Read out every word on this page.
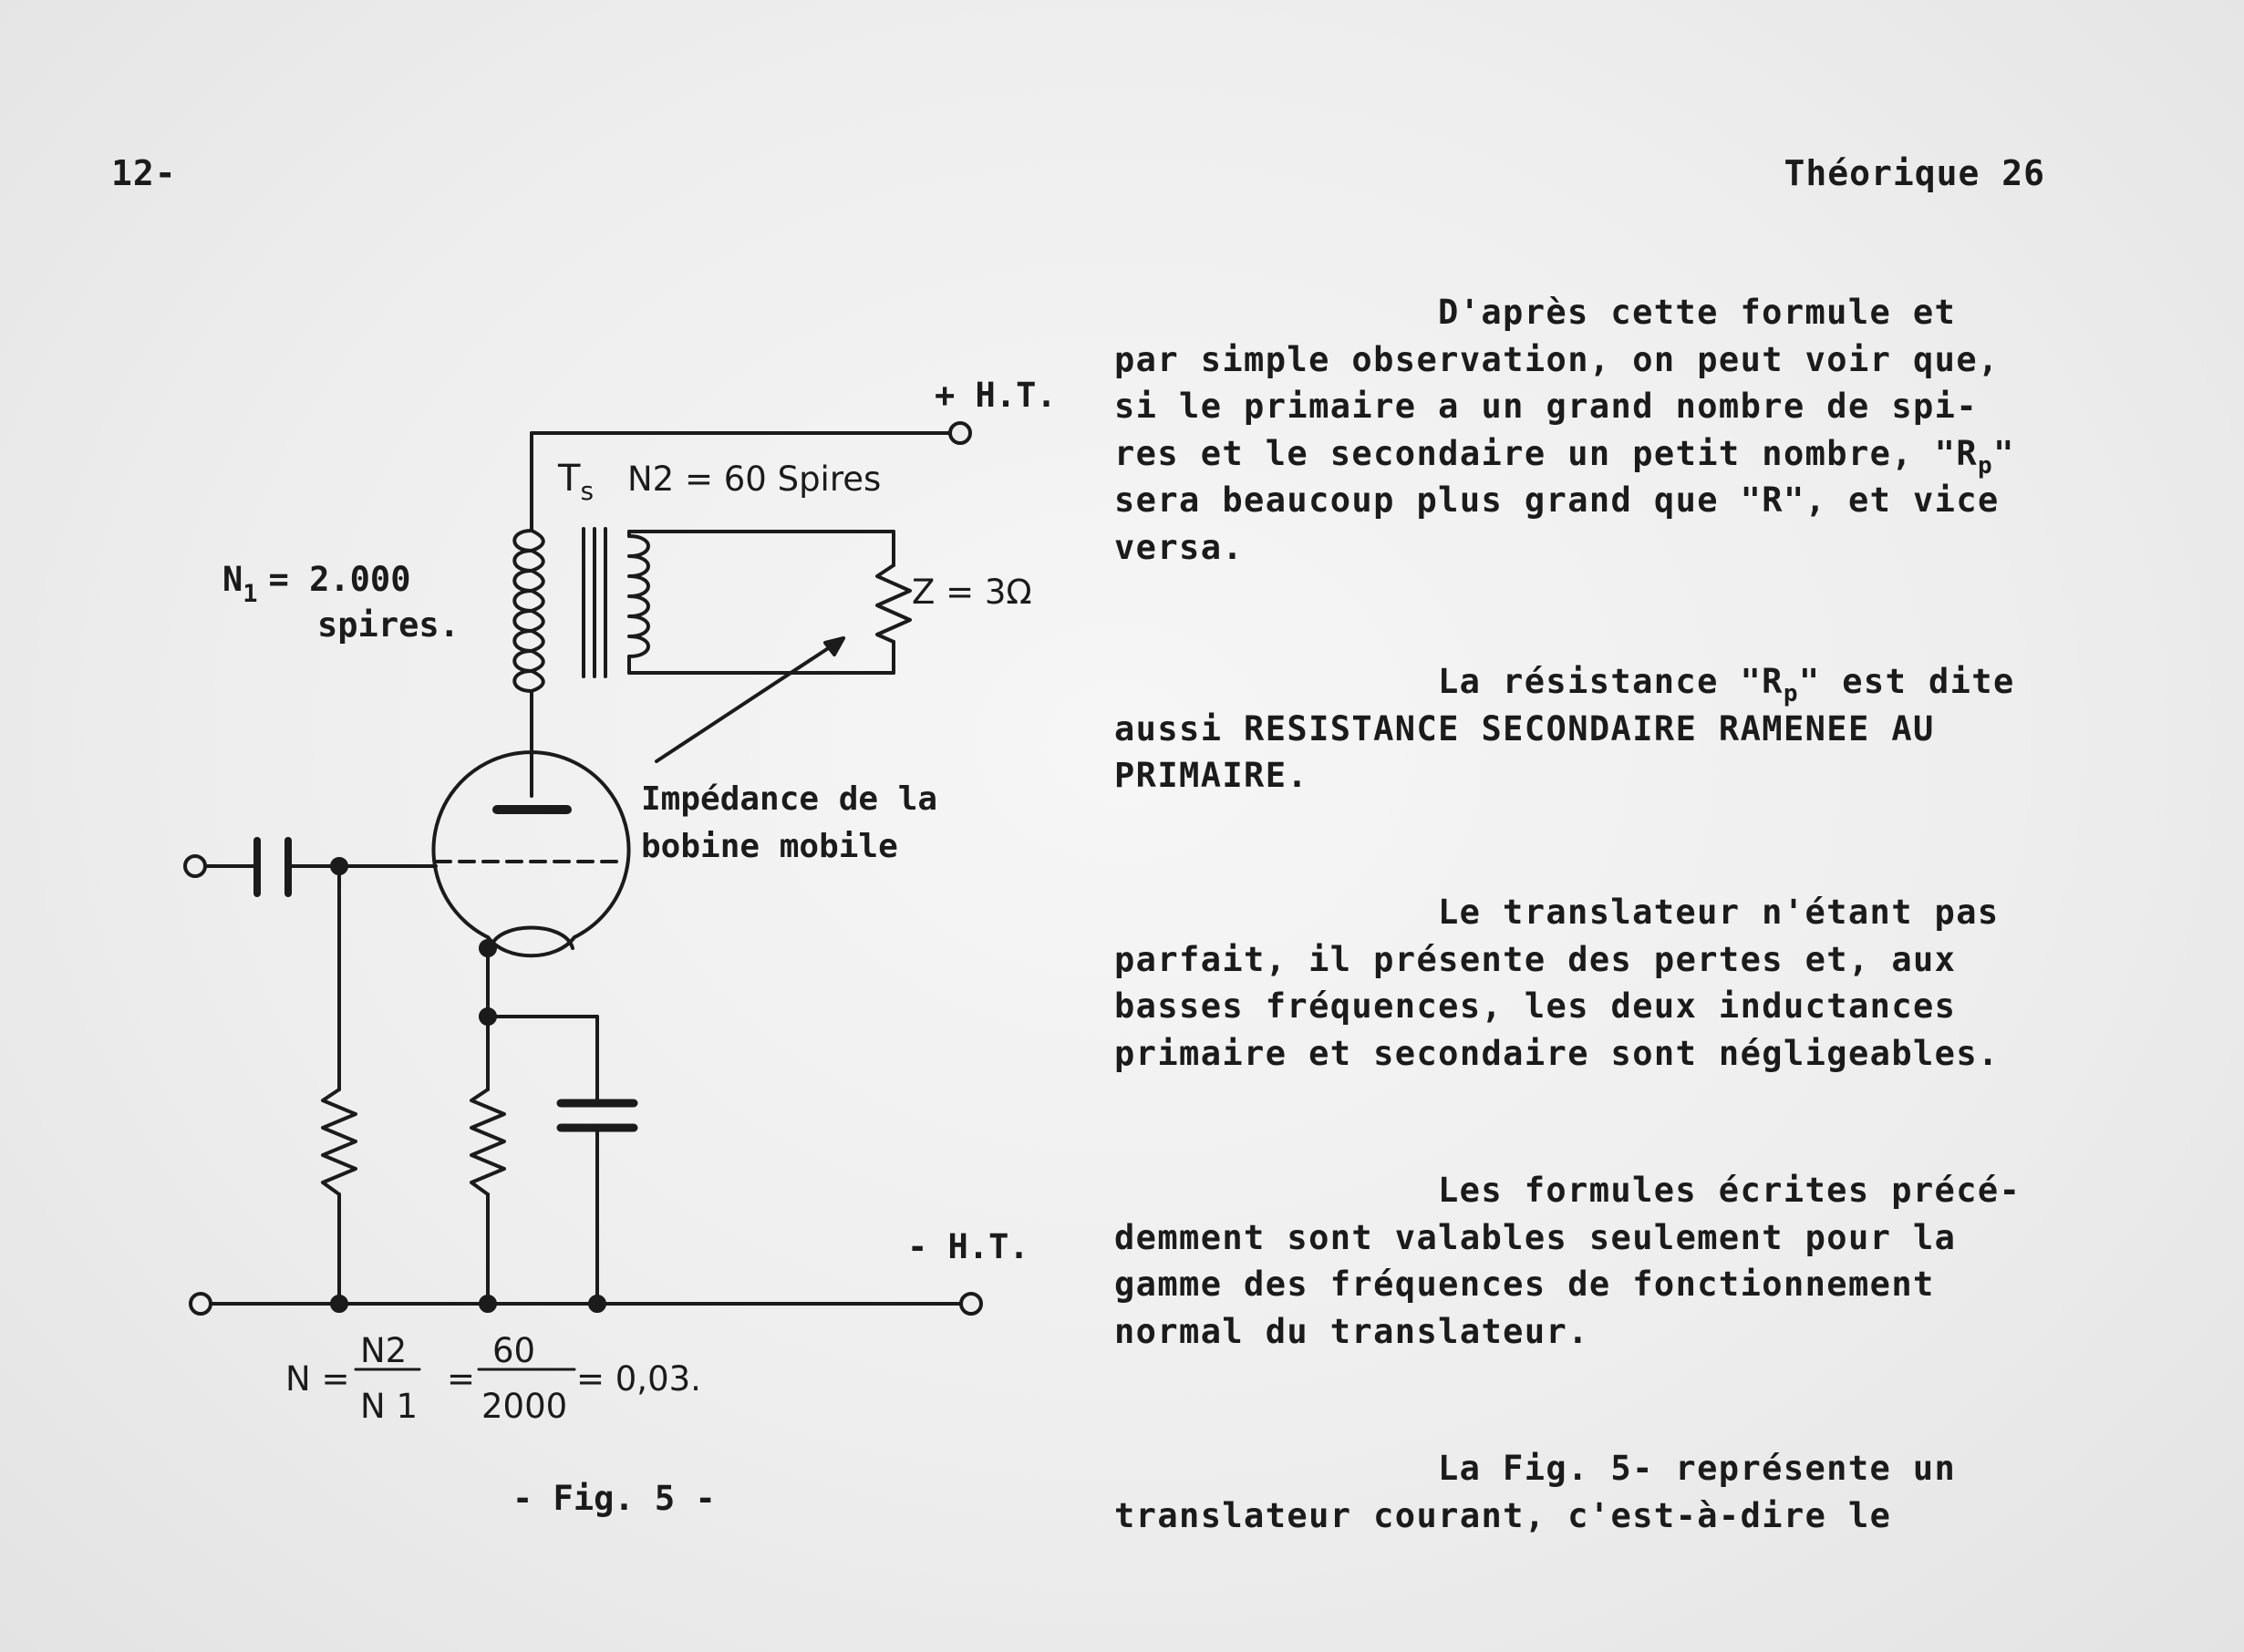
12-	Théorique 26
+ H.T.
- H.T.
$T_s$ N2 = 60 Spires
$N_1 = 2.000$
spires.
Z = 3Ω
Impédance de la
bobine mobile
N =
N2
N 1
=
60
2000
= 0,03.
- Fig. 5 -
D'après cette formule et
par simple observation, on peut voir que,
si le primaire a un grand nombre de spi-
res et le secondaire un petit nombre, "$R_p$"
sera beaucoup plus grand que "R", et vice
versa.
La résistance "$R_p$" est dite
aussi RESISTANCE SECONDAIRE RAMENEE AU
PRIMAIRE.
Le translateur n'étant pas
parfait, il présente des pertes et, aux
basses fréquences, les deux inductances
primaire et secondaire sont négligeables.
Les formules écrites précé-
demment sont valables seulement pour la
gamme des fréquences de fonctionnement
normal du translateur.
La Fig. 5- représente un
translateur courant, c'est-à-dire le
